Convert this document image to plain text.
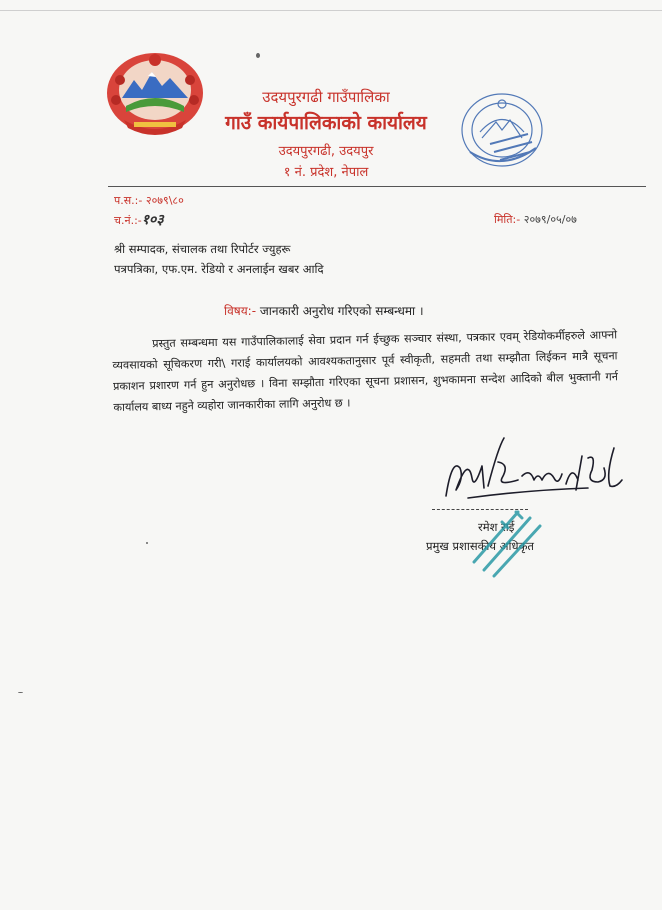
उदयपुरगढी गाउँपालिका
गाउँ कार्यपालिकाको कार्यालय
उदयपुरगढी, उदयपुर
१ नं. प्रदेश, नेपाल
प.स.:- २०७९\८०
च.नं.:-१०३	मिति:- २०७९/०५/०७
श्री सम्पादक, संचालक तथा रिपोर्टर ज्युहरू
पत्रपत्रिका, एफ.एम. रेडियो र अनलाईन खबर आदि
विषय:- जानकारी अनुरोध गरिएको सम्बन्धमा ।
प्रस्तुत सम्बन्धमा यस गाउँपालिकालाई सेवा प्रदान गर्न ईच्छुक सञ्चार संस्था, पत्रकार एवम् रेडियोकर्मीहरुले आफ्नो व्यवसायको सूचिकरण गरी\ गराई कार्यालयको आवश्यकतानुसार पूर्व स्वीकृती, सहमती तथा सम्झौता लिईकन मात्रै सूचना प्रकाशन प्रशारण गर्न हुन अनुरोधछ । विना सम्झौता गरिएका सूचना प्रशासन, शुभकामना सन्देश आदिको बील भुक्तानी गर्न कार्यालय बाध्य नहुने व्यहोरा जानकारीका लागि अनुरोध छ ।
रमेश राई
प्रमुख प्रशासकीय अधिकृत
